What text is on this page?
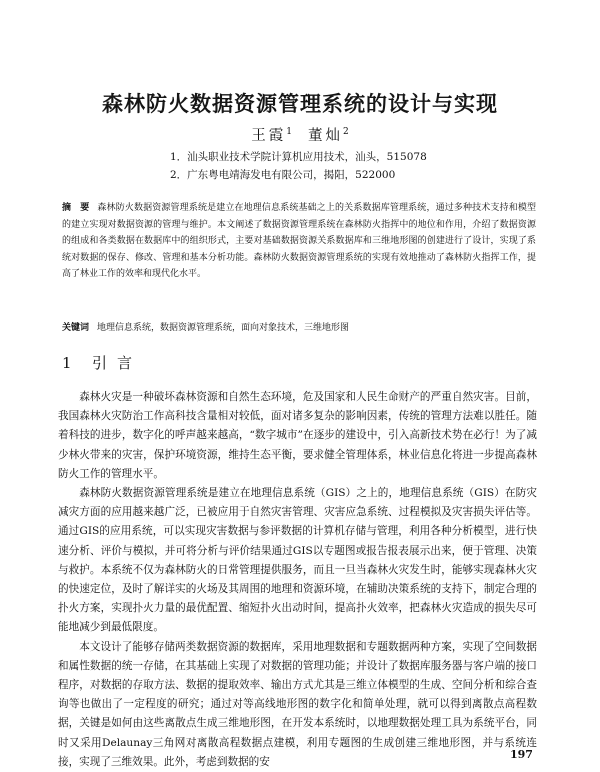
森林防火数据资源管理系统的设计与实现
王霞$^1$ 董灿$^2$
1．汕头职业技术学院计算机应用技术，汕头，515078
2．广东粤电靖海发电有限公司，揭阳，522000
摘　要 森林防火数据资源管理系统是建立在地理信息系统基础之上的关系数据库管理系统，通过多种技术支持和模型的建立实现对数据资源的管理与维护。本文阐述了数据资源管理系统在森林防火指挥中的地位和作用，介绍了数据资源的组成和各类数据在数据库中的组织形式，主要对基础数据资源关系数据库和三维地形图的创建进行了设计，实现了系统对数据的保存、修改、管理和基本分析功能。森林防火数据资源管理系统的实现有效地推动了森林防火指挥工作，提高了林业工作的效率和现代化水平。
关键词 地理信息系统，数据资源管理系统，面向对象技术，三维地形图
1 引言

森林火灾是一种破坏森林资源和自然生态环境，危及国家和人民生命财产的严重自然灾害。目前，我国森林火灾防治工作高科技含量相对较低，面对诸多复杂的影响因素，传统的管理方法难以胜任。随着科技的进步，数字化的呼声越来越高，“数字城市”在逐步的建设中，引入高新技术势在必行！为了减少林火带来的灾害，保护环境资源，维持生态平衡，要求健全管理体系，林业信息化将进一步提高森林防火工作的管理水平。

森林防火数据资源管理系统是建立在地理信息系统（GIS）之上的，地理信息系统（GIS）在防灾减灾方面的应用越来越广泛，已被应用于自然灾害管理、灾害应急系统、过程模拟及灾害损失评估等。通过GIS的应用系统，可以实现灾害数据与参评数据的计算机存储与管理，利用各种分析模型，进行快速分析、评价与模拟，并可将分析与评价结果通过GIS以专题图或报告报表展示出来，便于管理、决策与救护。本系统不仅为森林防火的日常管理提供服务，而且一旦当森林火灾发生时，能够实现森林火灾的快速定位，及时了解详实的火场及其周围的地理和资源环境，在辅助决策系统的支持下，制定合理的扑火方案，实现扑火力量的最优配置、缩短扑火出动时间，提高扑火效率，把森林火灾造成的损失尽可能地减少到最低限度。

本文设计了能够存储两类数据资源的数据库，采用地理数据和专题数据两种方案，实现了空间数据和属性数据的统一存储，在其基础上实现了对数据的管理功能；并设计了数据库服务器与客户端的接口程序，对数据的存取方法、数据的提取效率、输出方式尤其是三维立体模型的生成、空间分析和综合查询等也做出了一定程度的研究；通过对等高线地形图的数字化和简单处理，就可以得到离散点高程数据，关键是如何由这些离散点生成三维地形图，在开发本系统时，以地理数据处理工具为系统平台，同时又采用Delaunay三角网对离散高程数据点建模，利用专题图的生成创建三维地形图，并与系统连接，实现了三维效果。此外，考虑到数据的安

197
